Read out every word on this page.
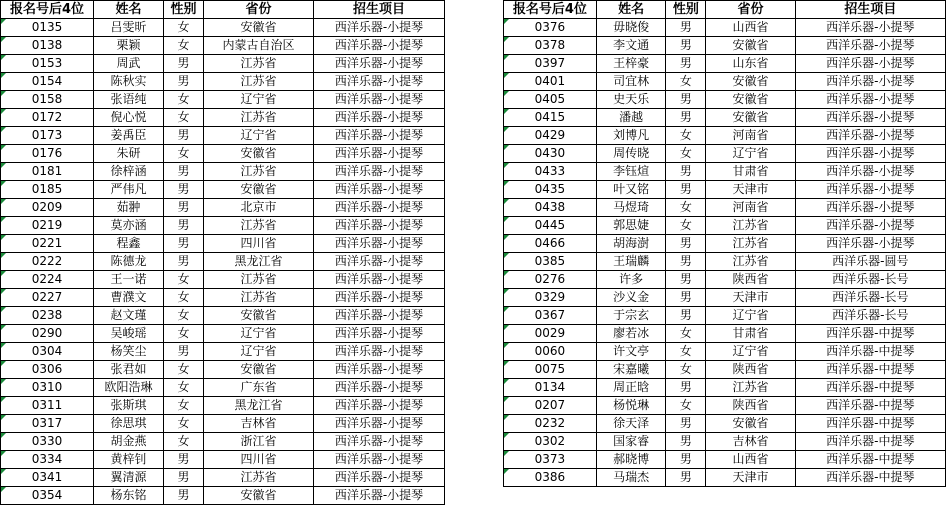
报名号后4位	姓名	性别	省份	招生项目
0135	吕雯昕	女	安徽省	西洋乐器-小提琴
0138	栗颖	女	内蒙古自治区	西洋乐器-小提琴
0153	周武	男	江苏省	西洋乐器-小提琴
0154	陈秋实	男	江苏省	西洋乐器-小提琴
0158	张语纯	女	辽宁省	西洋乐器-小提琴
0172	倪心悦	女	江苏省	西洋乐器-小提琴
0173	姜禹臣	男	辽宁省	西洋乐器-小提琴
0176	朱研	女	安徽省	西洋乐器-小提琴
0181	徐梓涵	男	江苏省	西洋乐器-小提琴
0185	严伟凡	男	安徽省	西洋乐器-小提琴
0209	茹翀	男	北京市	西洋乐器-小提琴
0219	莫亦涵	男	江苏省	西洋乐器-小提琴
0221	程鑫	男	四川省	西洋乐器-小提琴
0222	陈德龙	男	黑龙江省	西洋乐器-小提琴
0224	王一诺	女	江苏省	西洋乐器-小提琴
0227	曹濮文	女	江苏省	西洋乐器-小提琴
0238	赵文瑾	女	安徽省	西洋乐器-小提琴
0290	吴峻瑶	女	辽宁省	西洋乐器-小提琴
0304	杨笑尘	男	辽宁省	西洋乐器-小提琴
0306	张君如	女	安徽省	西洋乐器-小提琴
0310	欧阳浩琳	女	广东省	西洋乐器-小提琴
0311	张斯琪	女	黑龙江省	西洋乐器-小提琴
0317	徐思琪	女	吉林省	西洋乐器-小提琴
0330	胡金燕	女	浙江省	西洋乐器-小提琴
0334	黄梓钊	男	四川省	西洋乐器-小提琴
0341	翼清源	男	江苏省	西洋乐器-小提琴
0354	杨东铭	男	安徽省	西洋乐器-小提琴
报名号后4位	姓名	性别	省份	招生项目
0376	毋晓俊	男	山西省	西洋乐器-小提琴
0378	李文通	男	安徽省	西洋乐器-小提琴
0397	王梓豪	男	山东省	西洋乐器-小提琴
0401	司宜林	女	安徽省	西洋乐器-小提琴
0405	史天乐	男	安徽省	西洋乐器-小提琴
0415	潘越	男	安徽省	西洋乐器-小提琴
0429	刘博凡	女	河南省	西洋乐器-小提琴
0430	周传晓	女	辽宁省	西洋乐器-小提琴
0433	李钰煊	男	甘肃省	西洋乐器-小提琴
0435	叶又铭	男	天津市	西洋乐器-小提琴
0438	马煜琦	女	河南省	西洋乐器-小提琴
0445	郭思婕	女	江苏省	西洋乐器-小提琴
0466	胡海澍	男	江苏省	西洋乐器-小提琴
0385	王瑞麟	男	江苏省	西洋乐器-圆号
0276	许多	男	陕西省	西洋乐器-长号
0329	沙义金	男	天津市	西洋乐器-长号
0367	于宗玄	男	辽宁省	西洋乐器-长号
0029	廖若冰	女	甘肃省	西洋乐器-中提琴
0060	许文亭	女	辽宁省	西洋乐器-中提琴
0075	宋嘉曦	女	陕西省	西洋乐器-中提琴
0134	周正晗	男	江苏省	西洋乐器-中提琴
0207	杨悦琳	女	陕西省	西洋乐器-中提琴
0232	徐天泽	男	安徽省	西洋乐器-中提琴
0302	国家睿	男	吉林省	西洋乐器-中提琴
0373	郝晓博	男	山西省	西洋乐器-中提琴
0386	马瑞杰	男	天津市	西洋乐器-中提琴
